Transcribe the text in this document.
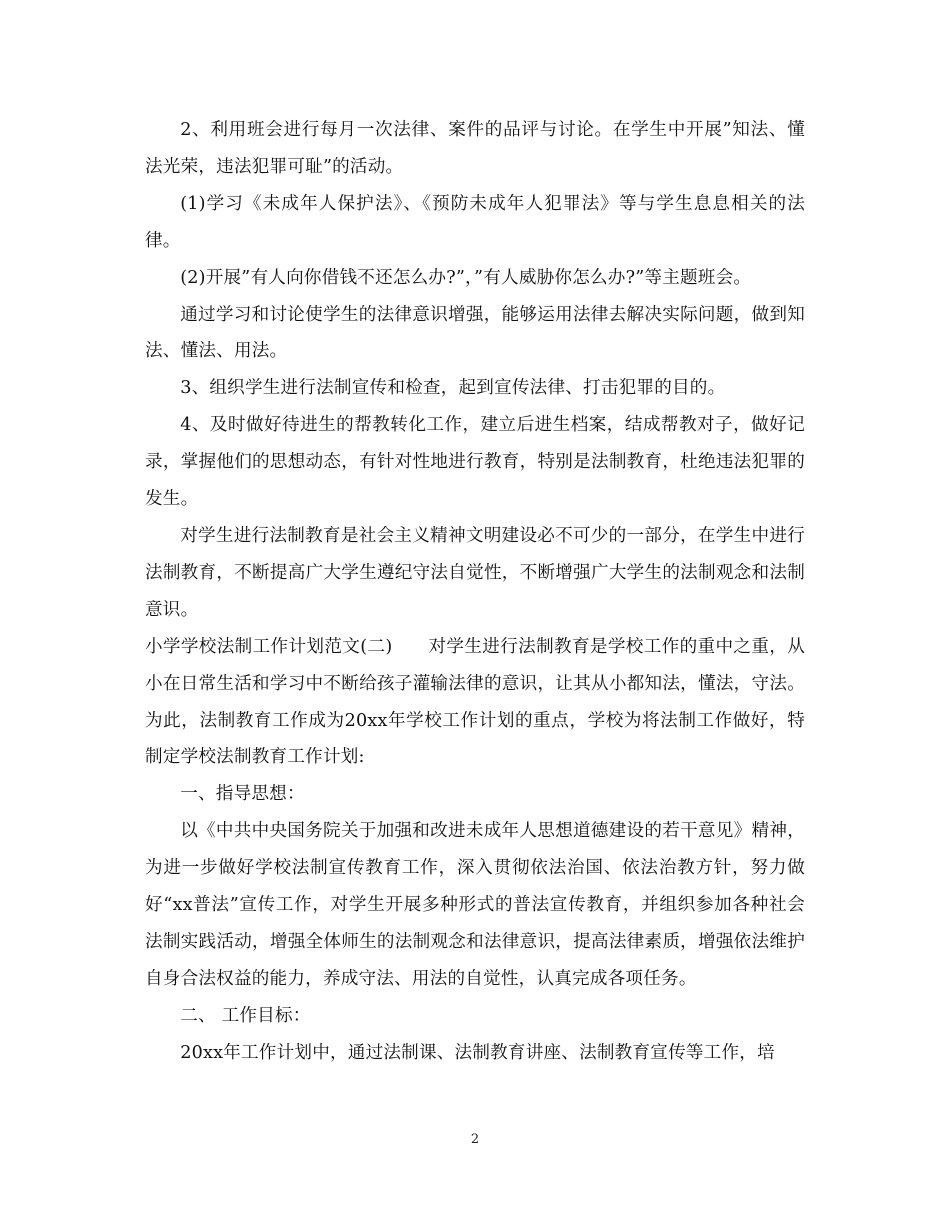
2、利用班会进行每月一次法律、案件的品评与讨论。在学生中开展”知法、懂法光荣，违法犯罪可耻”的活动。

(1)学习《未成年人保护法》、《预防未成年人犯罪法》等与学生息息相关的法律。

(2)开展”有人向你借钱不还怎么办?”，”有人威胁你怎么办?”等主题班会。

通过学习和讨论使学生的法律意识增强，能够运用法律去解决实际问题，做到知法、懂法、用法。

3、组织学生进行法制宣传和检查，起到宣传法律、打击犯罪的目的。

4、及时做好待进生的帮教转化工作，建立后进生档案，结成帮教对子，做好记录，掌握他们的思想动态，有针对性地进行教育，特别是法制教育，杜绝违法犯罪的发生。

对学生进行法制教育是社会主义精神文明建设必不可少的一部分，在学生中进行法制教育，不断提高广大学生遵纪守法自觉性，不断增强广大学生的法制观念和法制意识。

小学学校法制工作计划范文(二)　　对学生进行法制教育是学校工作的重中之重，从小在日常生活和学习中不断给孩子灌输法律的意识，让其从小都知法，懂法，守法。为此，法制教育工作成为20xx年学校工作计划的重点，学校为将法制工作做好，特制定学校法制教育工作计划:

一、指导思想：

以《中共中央国务院关于加强和改进未成年人思想道德建设的若干意见》精神，为进一步做好学校法制宣传教育工作，深入贯彻依法治国、依法治教方针，努力做好“xx普法”宣传工作，对学生开展多种形式的普法宣传教育，并组织参加各种社会法制实践活动，增强全体师生的法制观念和法律意识，提高法律素质，增强依法维护自身合法权益的能力，养成守法、用法的自觉性，认真完成各项任务。

二、 工作目标：

20xx年工作计划中，通过法制课、法制教育讲座、法制教育宣传等工作，培

2
